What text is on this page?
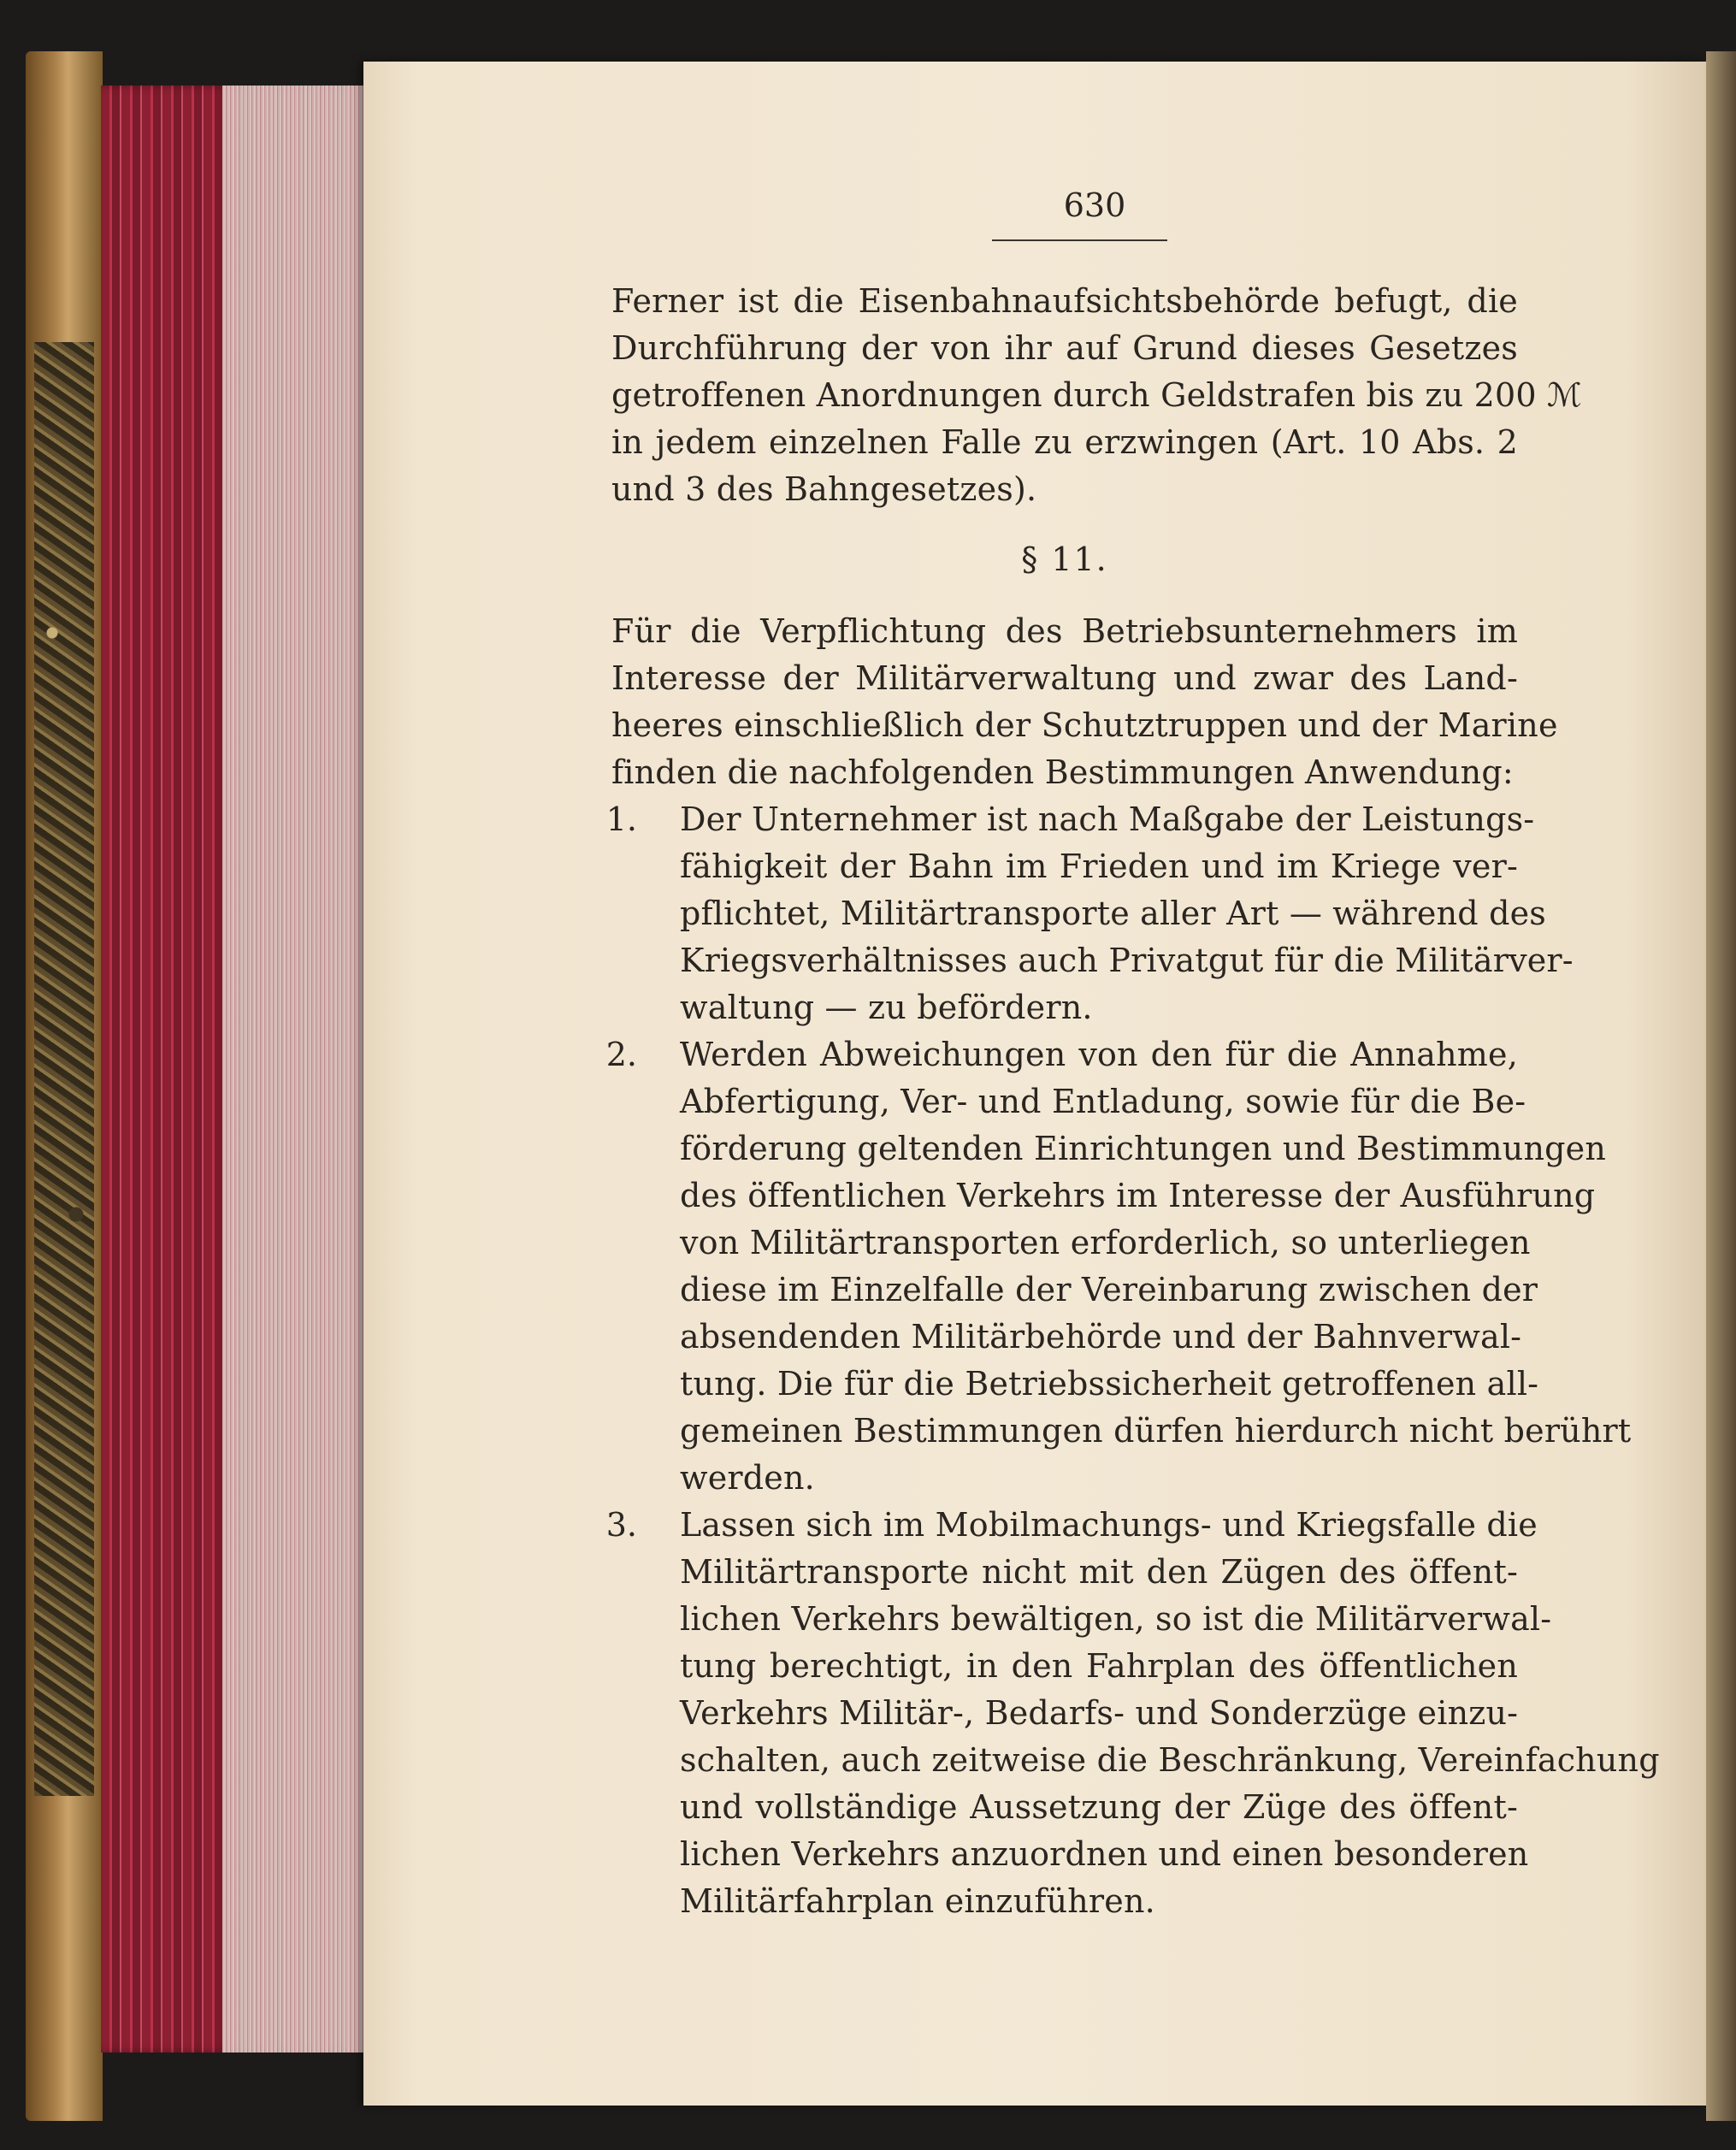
630
Ferner ist die Eisenbahnaufsichtsbehörde befugt, die
Durchführung der von ihr auf Grund dieses Gesetzes
getroffenen Anordnungen durch Geldstrafen bis zu 200 ℳ
in jedem einzelnen Falle zu erzwingen (Art. 10 Abs. 2
und 3 des Bahngesetzes).
§ 11.
Für die Verpflichtung des Betriebsunternehmers im
Interesse der Militärverwaltung und zwar des Land-
heeres einschließlich der Schutztruppen und der Marine
finden die nachfolgenden Bestimmungen Anwendung:
1. Der Unternehmer ist nach Maßgabe der Leistungs-
fähigkeit der Bahn im Frieden und im Kriege ver-
pflichtet, Militärtransporte aller Art — während des
Kriegsverhältnisses auch Privatgut für die Militärver-
waltung — zu befördern.
2. Werden Abweichungen von den für die Annahme,
Abfertigung, Ver- und Entladung, sowie für die Be-
förderung geltenden Einrichtungen und Bestimmungen
des öffentlichen Verkehrs im Interesse der Ausführung
von Militärtransporten erforderlich, so unterliegen
diese im Einzelfalle der Vereinbarung zwischen der
absendenden Militärbehörde und der Bahnverwal-
tung. Die für die Betriebssicherheit getroffenen all-
gemeinen Bestimmungen dürfen hierdurch nicht berührt
werden.
3. Lassen sich im Mobilmachungs- und Kriegsfalle die
Militärtransporte nicht mit den Zügen des öffent-
lichen Verkehrs bewältigen, so ist die Militärverwal-
tung berechtigt, in den Fahrplan des öffentlichen
Verkehrs Militär-, Bedarfs- und Sonderzüge einzu-
schalten, auch zeitweise die Beschränkung, Vereinfachung
und vollständige Aussetzung der Züge des öffent-
lichen Verkehrs anzuordnen und einen besonderen
Militärfahrplan einzuführen.
